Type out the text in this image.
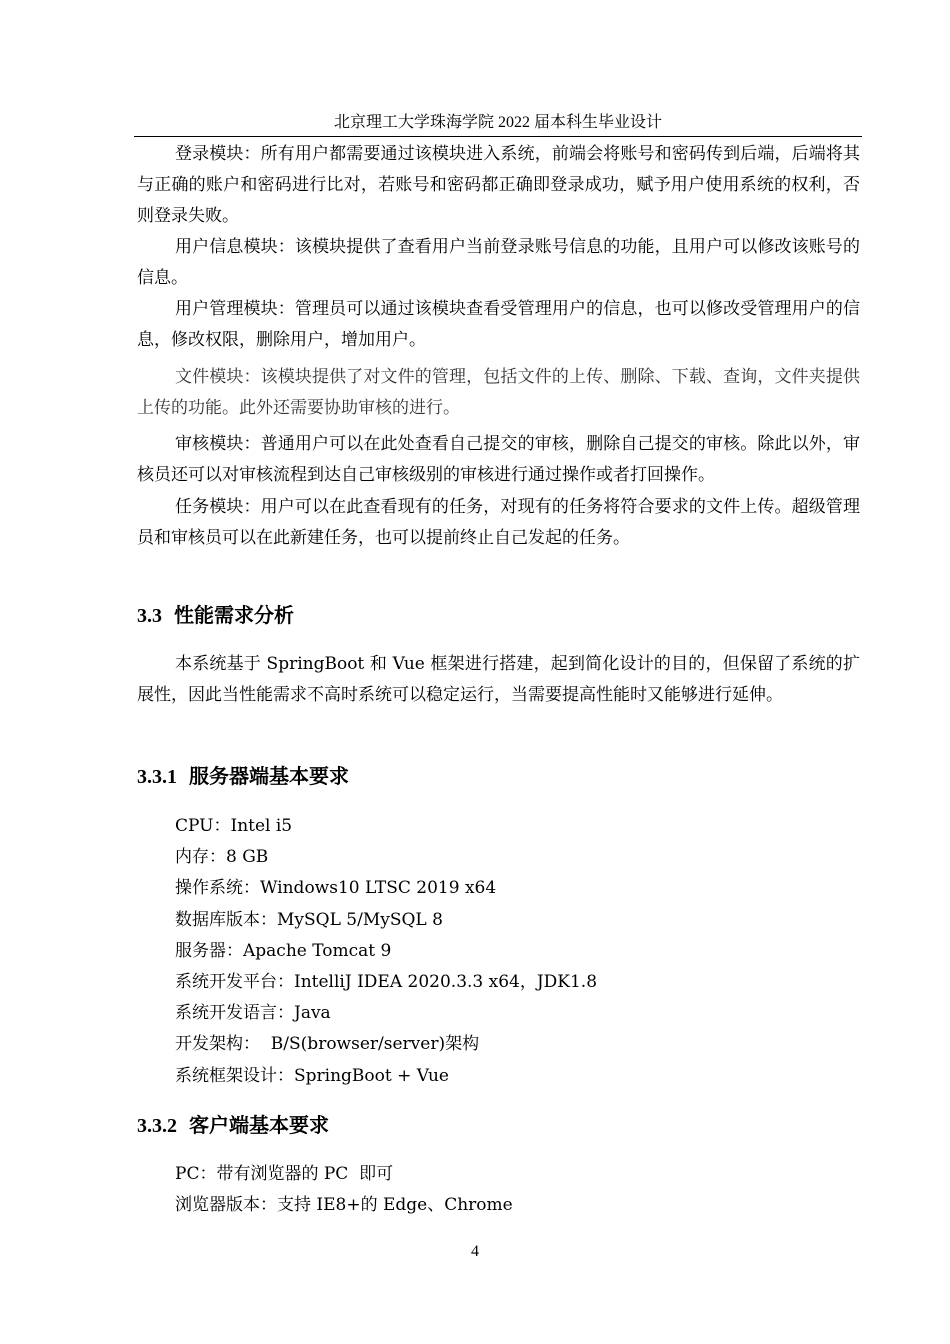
北京理工大学珠海学院 2022 届本科生毕业设计

登录模块：所有用户都需要通过该模块进入系统，前端会将账号和密码传到后端，后端将其与正确的账户和密码进行比对，若账号和密码都正确即登录成功，赋予用户使用系统的权利，否则登录失败。

用户信息模块：该模块提供了查看用户当前登录账号信息的功能，且用户可以修改该账号的信息。

用户管理模块：管理员可以通过该模块查看受管理用户的信息，也可以修改受管理用户的信息，修改权限，删除用户，增加用户。

文件模块：该模块提供了对文件的管理，包括文件的上传、删除、下载、查询，文件夹提供上传的功能。此外还需要协助审核的进行。

审核模块：普通用户可以在此处查看自己提交的审核，删除自己提交的审核。除此以外，审核员还可以对审核流程到达自己审核级别的审核进行通过操作或者打回操作。

任务模块：用户可以在此查看现有的任务，对现有的任务将符合要求的文件上传。超级管理员和审核员可以在此新建任务，也可以提前终止自己发起的任务。

3.3 性能需求分析

本系统基于 SpringBoot 和 Vue 框架进行搭建，起到简化设计的目的，但保留了系统的扩展性，因此当性能需求不高时系统可以稳定运行，当需要提高性能时又能够进行延伸。

3.3.1 服务器端基本要求
CPU：Intel i5
内存：8 GB
操作系统：Windows10 LTSC 2019 x64
数据库版本：MySQL 5/MySQL 8
服务器：Apache Tomcat 9
系统开发平台：IntelliJ IDEA 2020.3.3 x64，JDK1.8
系统开发语言：Java
开发架构：  B/S(browser/server)架构
系统框架设计：SpringBoot + Vue
3.3.2 客户端基本要求
PC：带有浏览器的 PC  即可
浏览器版本：支持 IE8+的 Edge、Chrome
4
